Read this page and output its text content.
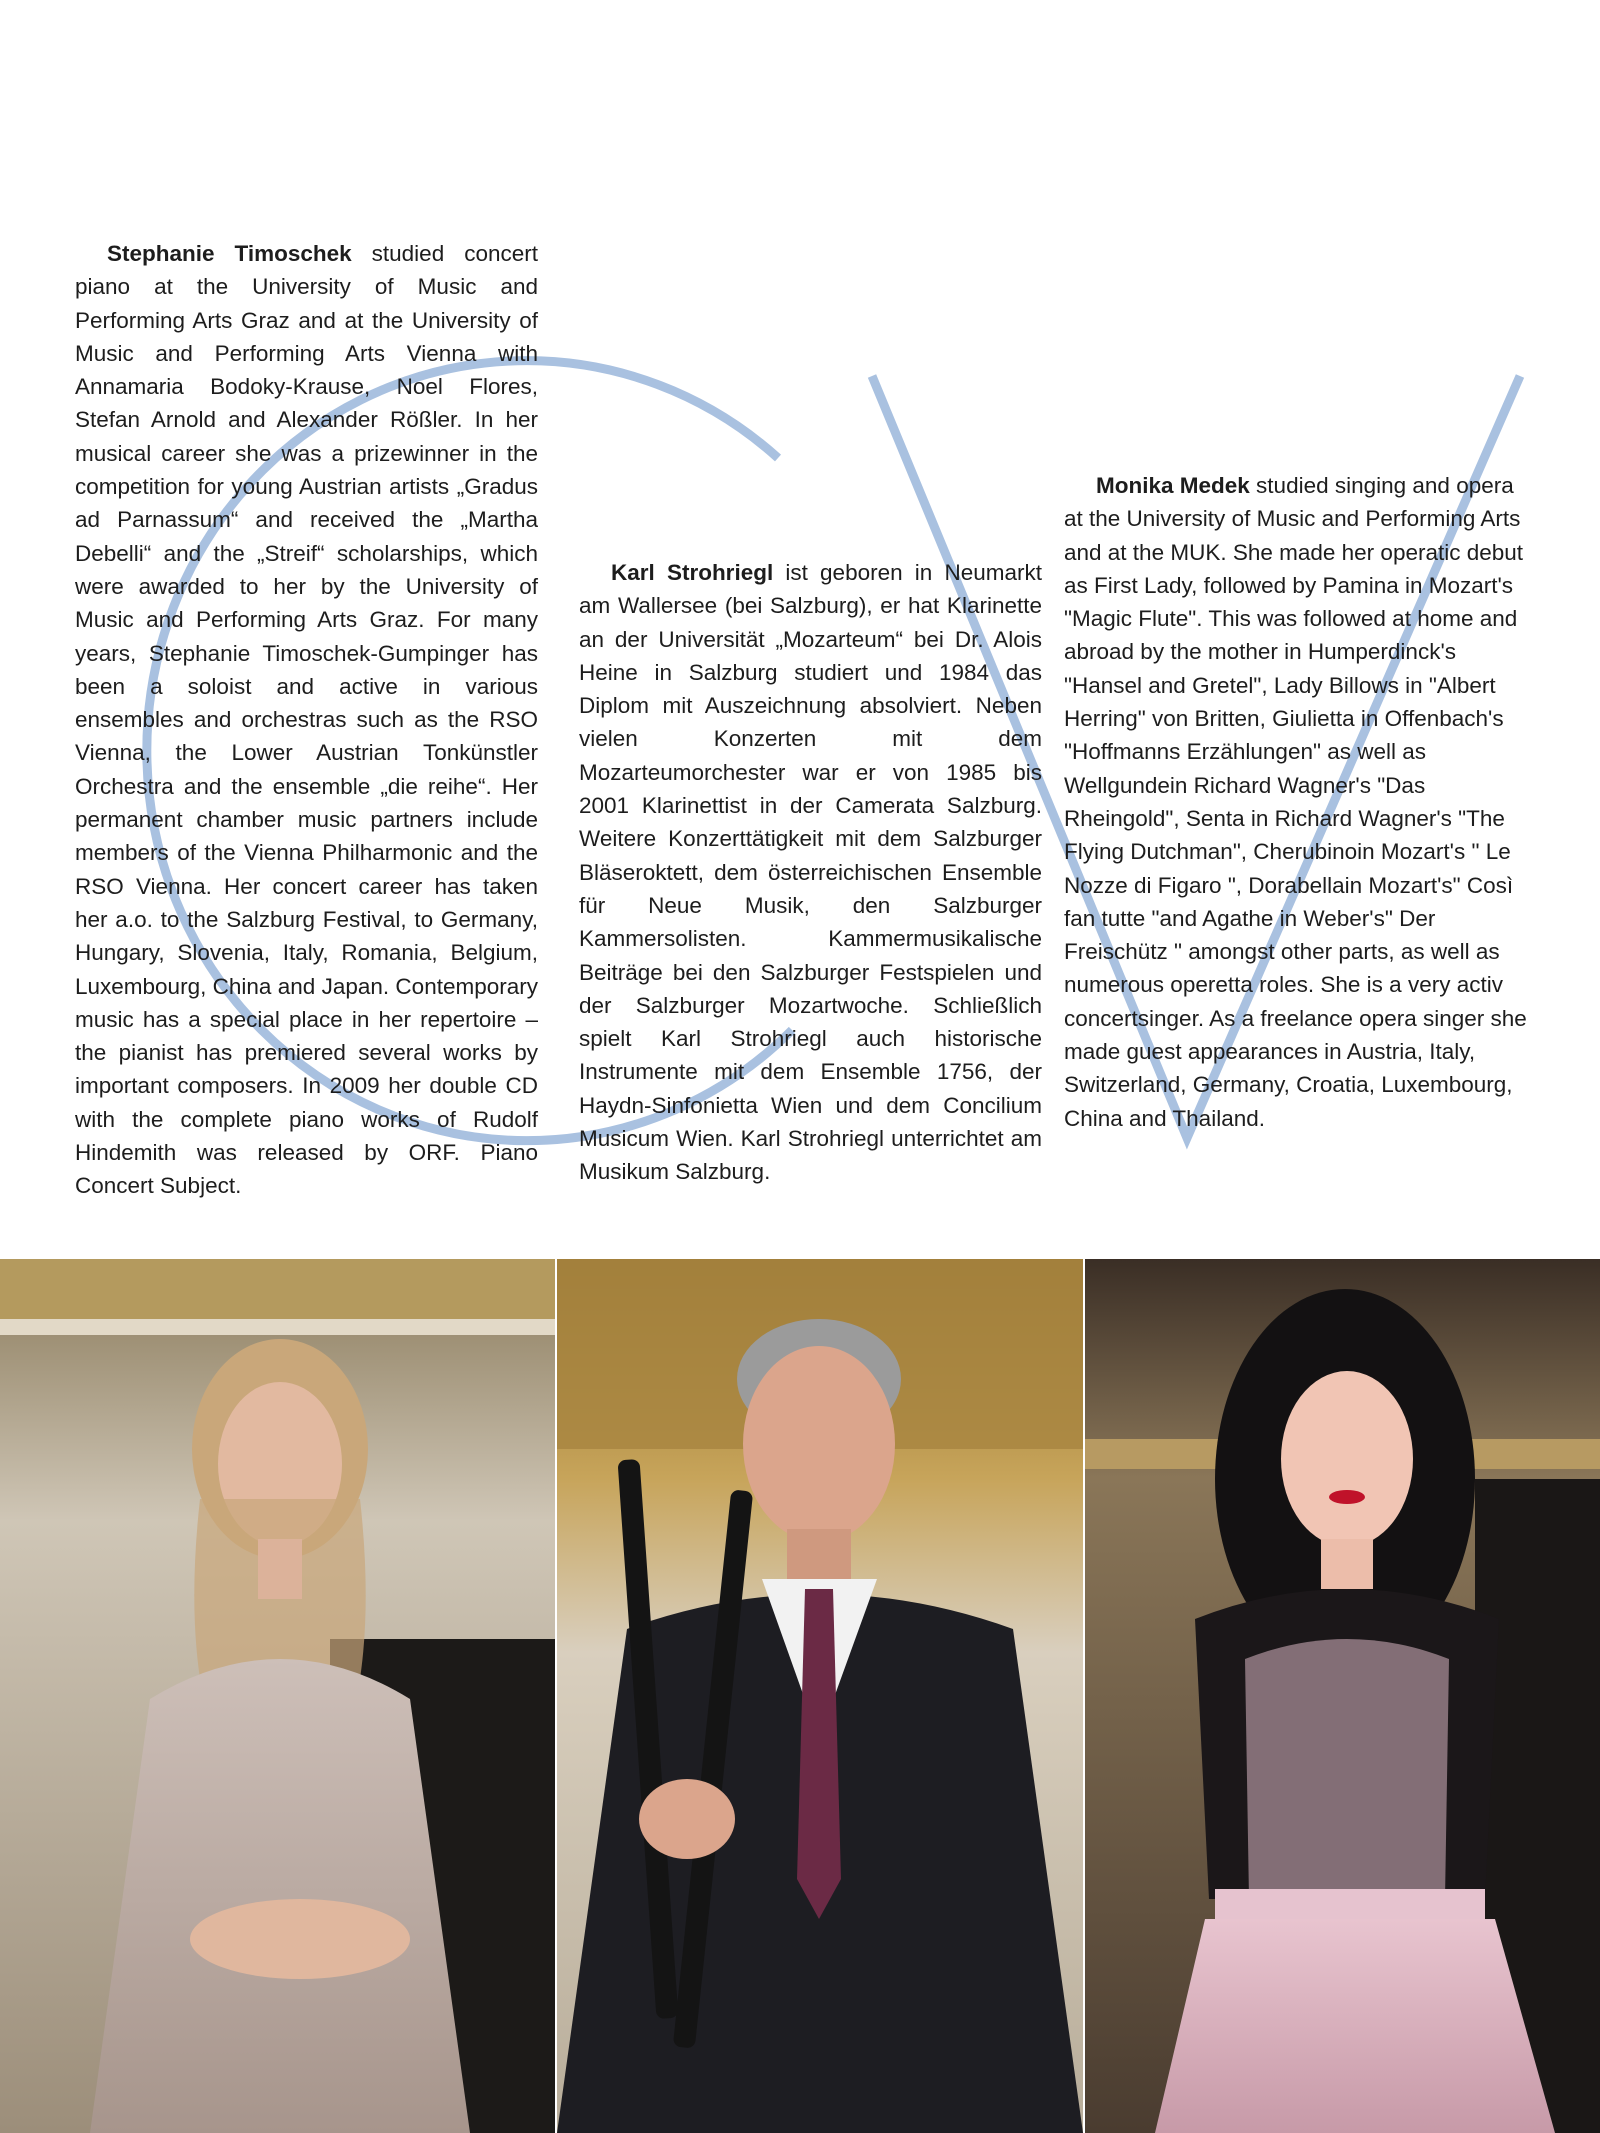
Stephanie Timoschek studied concert piano at the University of Music and Performing Arts Graz and at the University of Music and Performing Arts Vienna with Annamaria Bodoky-Krause, Noel Flores, Stefan Arnold and Alexander Rößler. In her musical career she was a prizewinner in the competition for young Austrian artists „Gradus ad Parnassum“ and received the „Martha Debelli“ and the „Streif“ scholarships, which were awarded to her by the University of Music and Performing Arts Graz. For many years, Stephanie Timoschek-Gumpinger has been a soloist and active in various ensembles and orchestras such as the RSO Vienna, the Lower Austrian Tonkünstler Orchestra and the ensemble „die reihe“. Her permanent chamber music partners include members of the Vienna Philharmonic and the RSO Vienna. Her concert career has taken her a.o. to the Salzburg Festival, to Germany, Hungary, Slovenia, Italy, Romania, Belgium, Luxembourg, China and Japan. Contemporary music has a special place in her repertoire – the pianist has premiered several works by important composers. In 2009 her double CD with the complete piano works of Rudolf Hindemith was released by ORF. Piano Concert Subject.

Karl Strohriegl ist geboren in Neumarkt am Wallersee (bei Salzburg), er hat Klarinette an der Universität „Mozarteum“ bei Dr. Alois Heine in Salzburg studiert und 1984 das Diplom mit Auszeichnung absolviert. Neben vielen Konzerten mit dem Mozarteumorchester war er von 1985 bis 2001 Klarinettist in der Camerata Salzburg. Weitere Konzerttätigkeit mit dem Salzburger Bläseroktett, dem österreichischen Ensemble für Neue Musik, den Salzburger Kammersolisten. Kammermusikalische Beiträge bei den Salzburger Festspielen und der Salzburger Mozartwoche. Schließlich spielt Karl Strohriegl auch historische Instrumente mit dem Ensemble 1756, der Haydn-Sinfonietta Wien und dem Concilium Musicum Wien. Karl Strohriegl unterrichtet am Musikum Salzburg.

Monika Medek studied singing and opera at the University of Music and Performing Arts and at the MUK. She made her operatic debut as First Lady, followed by Pamina in Mozart's "Magic Flute". This was followed at home and abroad by the mother in Humperdinck's "Hansel and Gretel", Lady Billows in "Albert Herring" von Britten, Giulietta in Offenbach's "Hoffmanns Erzählungen" as well as Wellgundein Richard Wagner's "Das Rheingold", Senta in Richard Wagner's "The Flying Dutchman", Cherubinoin Mozart's " Le Nozze di Figaro ", Dorabellain Mozart's" Così fan tutte "and Agathe in Weber's" Der Freischütz " amongst other parts, as well as numerous operetta roles. She is a very activ concertsinger. As a freelance opera singer she made guest appearances in Austria, Italy, Switzerland, Germany, Croatia, Luxembourg, China and Thailand.
